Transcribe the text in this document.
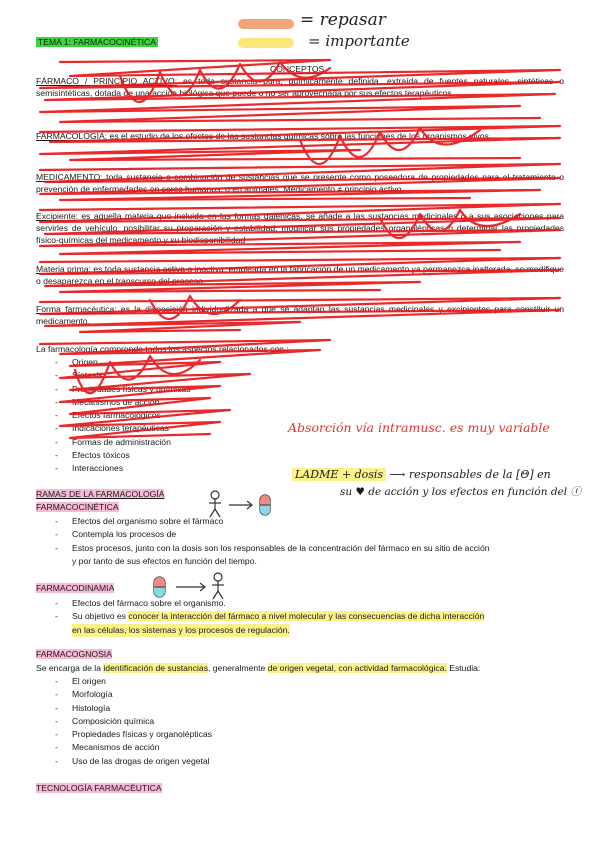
= repasar
= importante
TEMA 1: FARMACOCINÉTICA
CONCEPTOS
FÁRMACO / PRINCIPIO ACTIVO: es toda sustancia pura, químicamente definida, extraída de fuentes naturales, sintéticas o semisintéticas, dotada de una acción biológica que puede o no ser aprovechada por sus efectos terapéuticos.
FARMACOLOGÍA: es el estudio de los efectos de las sustancias químicas sobre las funciones de los organismos vivos.
MEDICAMENTO: toda sustancia o combinación de sustancias que se presente como poseedora de propiedades para el tratamiento o prevención de enfermedades en seres humanos, o en animales. Medicamento ≠ principio activo.
Excipiente: es aquella materia que incluida en las formas galénicas, se añade a las sustancias medicinales o a sus asociaciones para servirles de vehículo, posibilitar su preparación y estabilidad, modificar sus propiedades organolépticas o determinar las propiedades físico-químicas del medicamento y su biodisponibilidad
Materia prima: es toda sustancia activa o inactiva, empleada en la fabricación de un medicamento ya permanezca inalterada, se modifique o desaparezca en el transcurso del proceso.
Forma farmacéutica: es la disposición individualizada a que se adaptan las sustancias medicinales y excipientes para constituir un medicamento.
La farmacología comprende todos los aspectos relacionados con :
-	Origen
-	Síntesis
-	Propiedades físicas y químicas
-	Mecanismos de acción
-	Efectos farmacológicos
-	Indicaciones terapéuticas
-	Formas de administración
-	Efectos tóxicos
-	Interacciones
Absorción vía intramusc. es muy variable
LADME + dosis ⟶ responsables de la [Θ] en
su ♥ de acción y los efectos en función del ⓣ
RAMAS DE LA FARMACOLOGÍA
FARMACOCINÉTICA
-	Efectos del organismo sobre el fármaco
-	Contempla los procesos de
-	Estos procesos, junto con la dosis son los responsables de la concentración del fármaco en su sitio de acción
y por tanto de sus efectos en función del tiempo.
FARMACODINAMIA
-	Efectos del fármaco sobre el organismo.
-	Su objetivo es conocer la interacción del fármaco a nivel molecular y las consecuencias de dicha interacción
en las células, los sistemas y los procesos de regulación.
FARMACOGNOSIA
Se encarga de la identificación de sustancias, generalmente de origen vegetal, con actividad farmacológica. Estudia:
-	El origen
-	Morfología
-	Histología
-	Composición química
-	Propiedades físicas y organolépticas
-	Mecanismos de acción
-	Uso de las drogas de origen vegetal
TECNOLOGÍA FARMACÉUTICA
